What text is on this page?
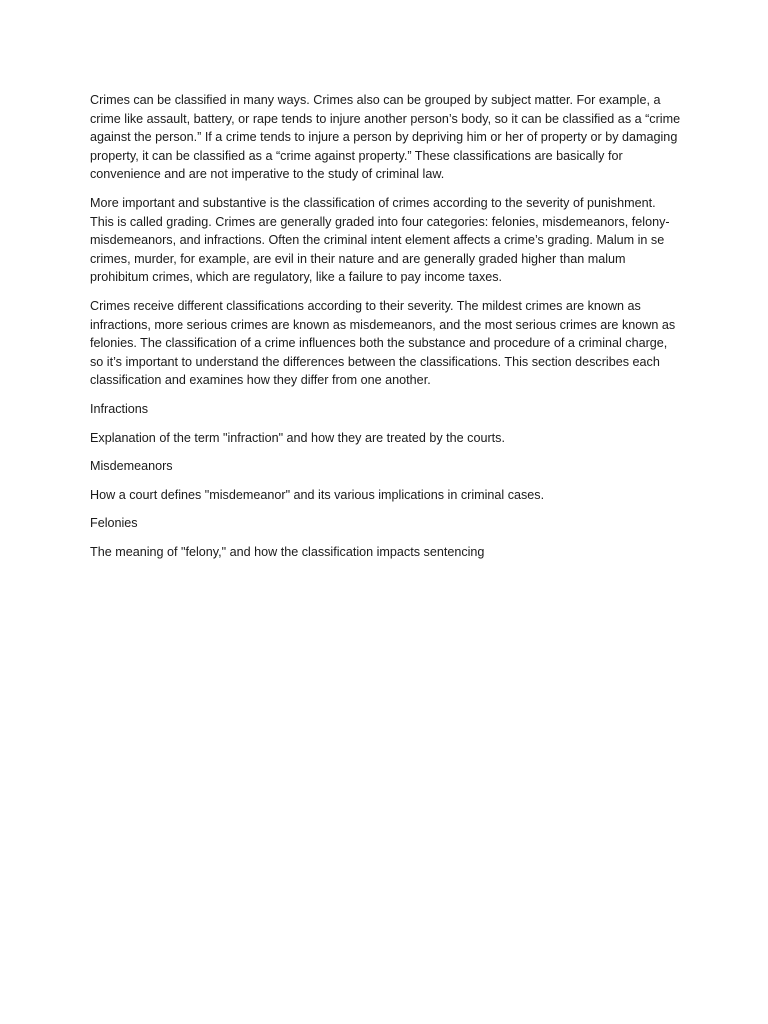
Crimes can be classified in many ways. Crimes also can be grouped by subject matter. For example, a crime like assault, battery, or rape tends to injure another person’s body, so it can be classified as a “crime against the person.” If a crime tends to injure a person by depriving him or her of property or by damaging property, it can be classified as a “crime against property.” These classifications are basically for convenience and are not imperative to the study of criminal law.

More important and substantive is the classification of crimes according to the severity of punishment. This is called grading. Crimes are generally graded into four categories: felonies, misdemeanors, felony-misdemeanors, and infractions. Often the criminal intent element affects a crime’s grading. Malum in se crimes, murder, for example, are evil in their nature and are generally graded higher than malum prohibitum crimes, which are regulatory, like a failure to pay income taxes.

Crimes receive different classifications according to their severity. The mildest crimes are known as infractions, more serious crimes are known as misdemeanors, and the most serious crimes are known as felonies. The classification of a crime influences both the substance and procedure of a criminal charge, so it’s important to understand the differences between the classifications. This section describes each classification and examines how they differ from one another.

Infractions

Explanation of the term "infraction" and how they are treated by the courts.

Misdemeanors

How a court defines "misdemeanor" and its various implications in criminal cases.

Felonies

The meaning of "felony," and how the classification impacts sentencing
